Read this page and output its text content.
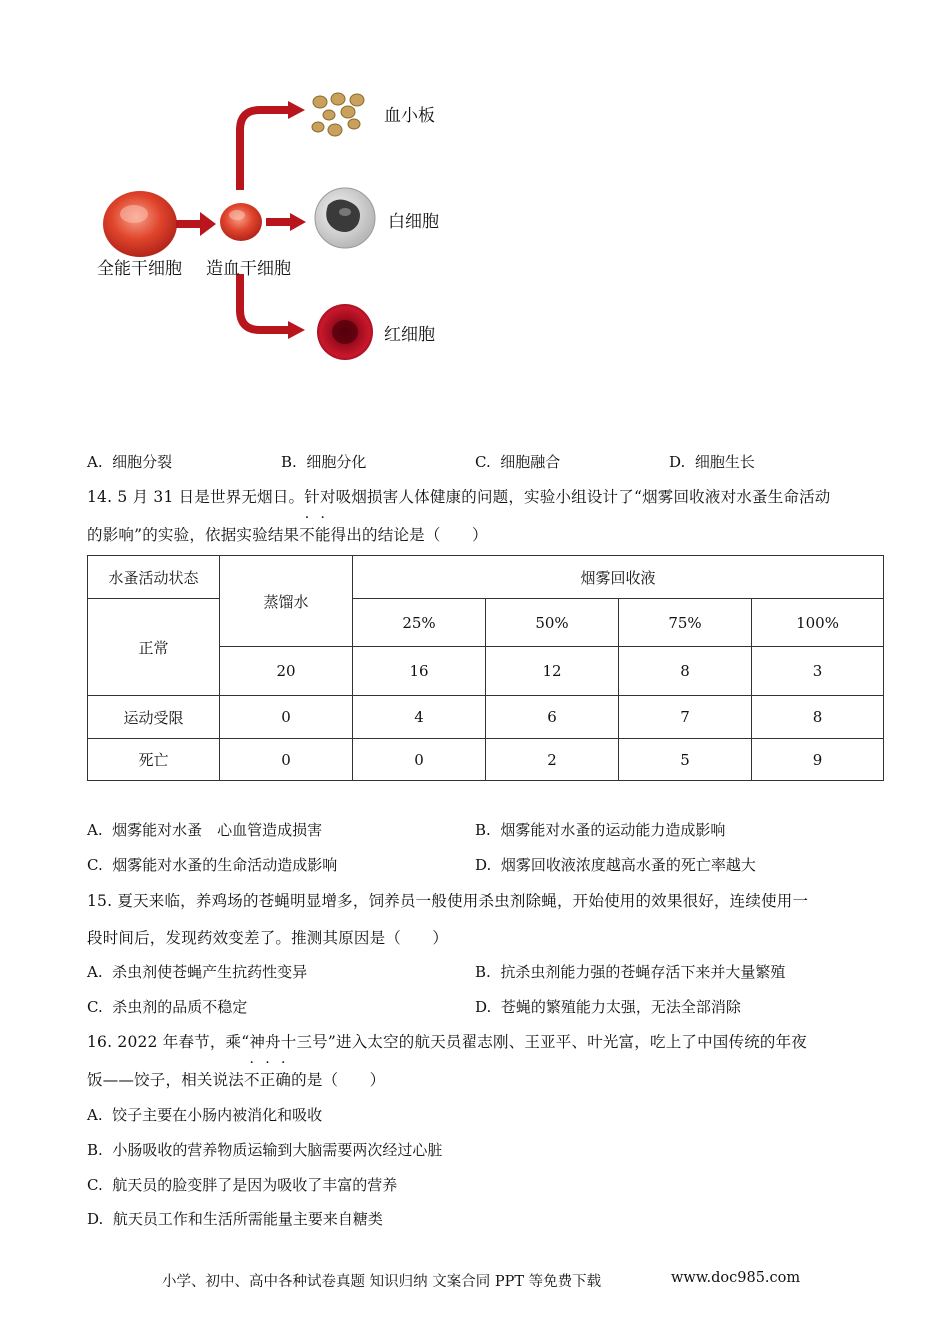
全能干细胞 造血干细胞
血小板
白细胞
红细胞
A. 细胞分裂	B. 细胞分化	C. 细胞融合	D. 细胞生长
14. 5 月 31 日是世界无烟日。针对吸烟损害人体健康的问题，实验小组设计了“烟雾回收液对水蚤生命活动
的影响”的实验，依据实验结果不能得出的结论是（　　）
水蚤活动状态	蒸馏水	烟雾回收液			
正常		25%	50%	75%	100%
	20	16	12	8	3
运动受限	0	4	6	7	8
死亡	0	0	2	5	9
A. 烟雾能对水蚤　心血管造成损害	B. 烟雾能对水蚤的运动能力造成影响
C. 烟雾能对水蚤的生命活动造成影响	D. 烟雾回收液浓度越高水蚤的死亡率越大
15. 夏天来临，养鸡场的苍蝇明显增多，饲养员一般使用杀虫剂除蝇，开始使用的效果很好，连续使用一
段时间后，发现药效变差了。推测其原因是（　　）
A. 杀虫剂使苍蝇产生抗药性变异	B. 抗杀虫剂能力强的苍蝇存活下来并大量繁殖
C. 杀虫剂的品质不稳定	D. 苍蝇的繁殖能力太强，无法全部消除
16. 2022 年春节，乘“神舟十三号”进入太空的航天员翟志刚、王亚平、叶光富，吃上了中国传统的年夜
饭——饺子，相关说法不正确的是（　　）
A. 饺子主要在小肠内被消化和吸收
B. 小肠吸收的营养物质运输到大脑需要两次经过心脏
C. 航天员的脸变胖了是因为吸收了丰富的营养
D. 航天员工作和生活所需能量主要来自糖类
小学、初中、高中各种试卷真题 知识归纳 文案合同 PPT 等免费下载	www.doc985.com
